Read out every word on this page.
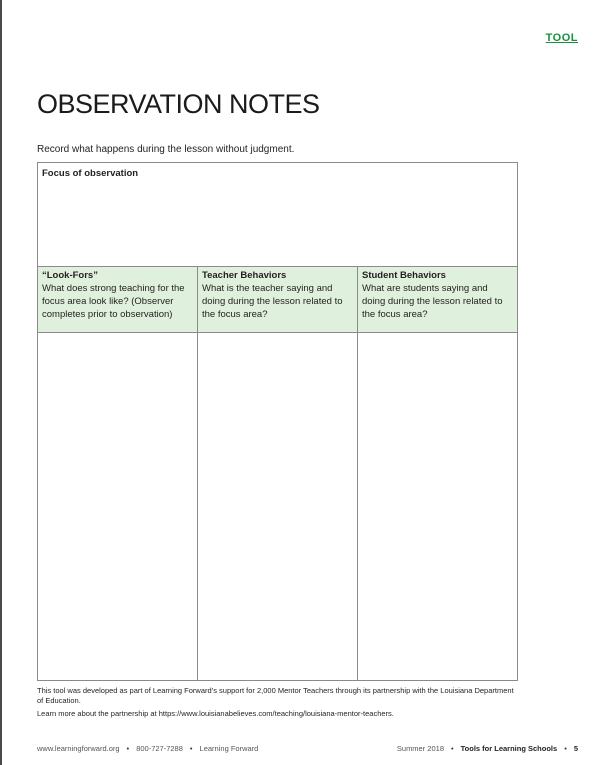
TOOL
OBSERVATION NOTES
Record what happens during the lesson without judgment.
Focus of observation
“Look-Fors”
What does strong teaching for the focus area look like? (Observer completes prior to observation)
Teacher Behaviors
What is the teacher saying and doing during the lesson related to the focus area?
Student Behaviors
What are students saying and doing during the lesson related to the focus area?

This tool was developed as part of Learning Forward’s support for 2,000 Mentor Teachers through its partnership with the Louisiana Department of Education.

Learn more about the partnership at https://www.louisianabelieves.com/teaching/louisiana-mentor-teachers.

www.learningforward.org • 800-727-7288 • Learning Forward	Summer 2018 • Tools for Learning Schools • 5
